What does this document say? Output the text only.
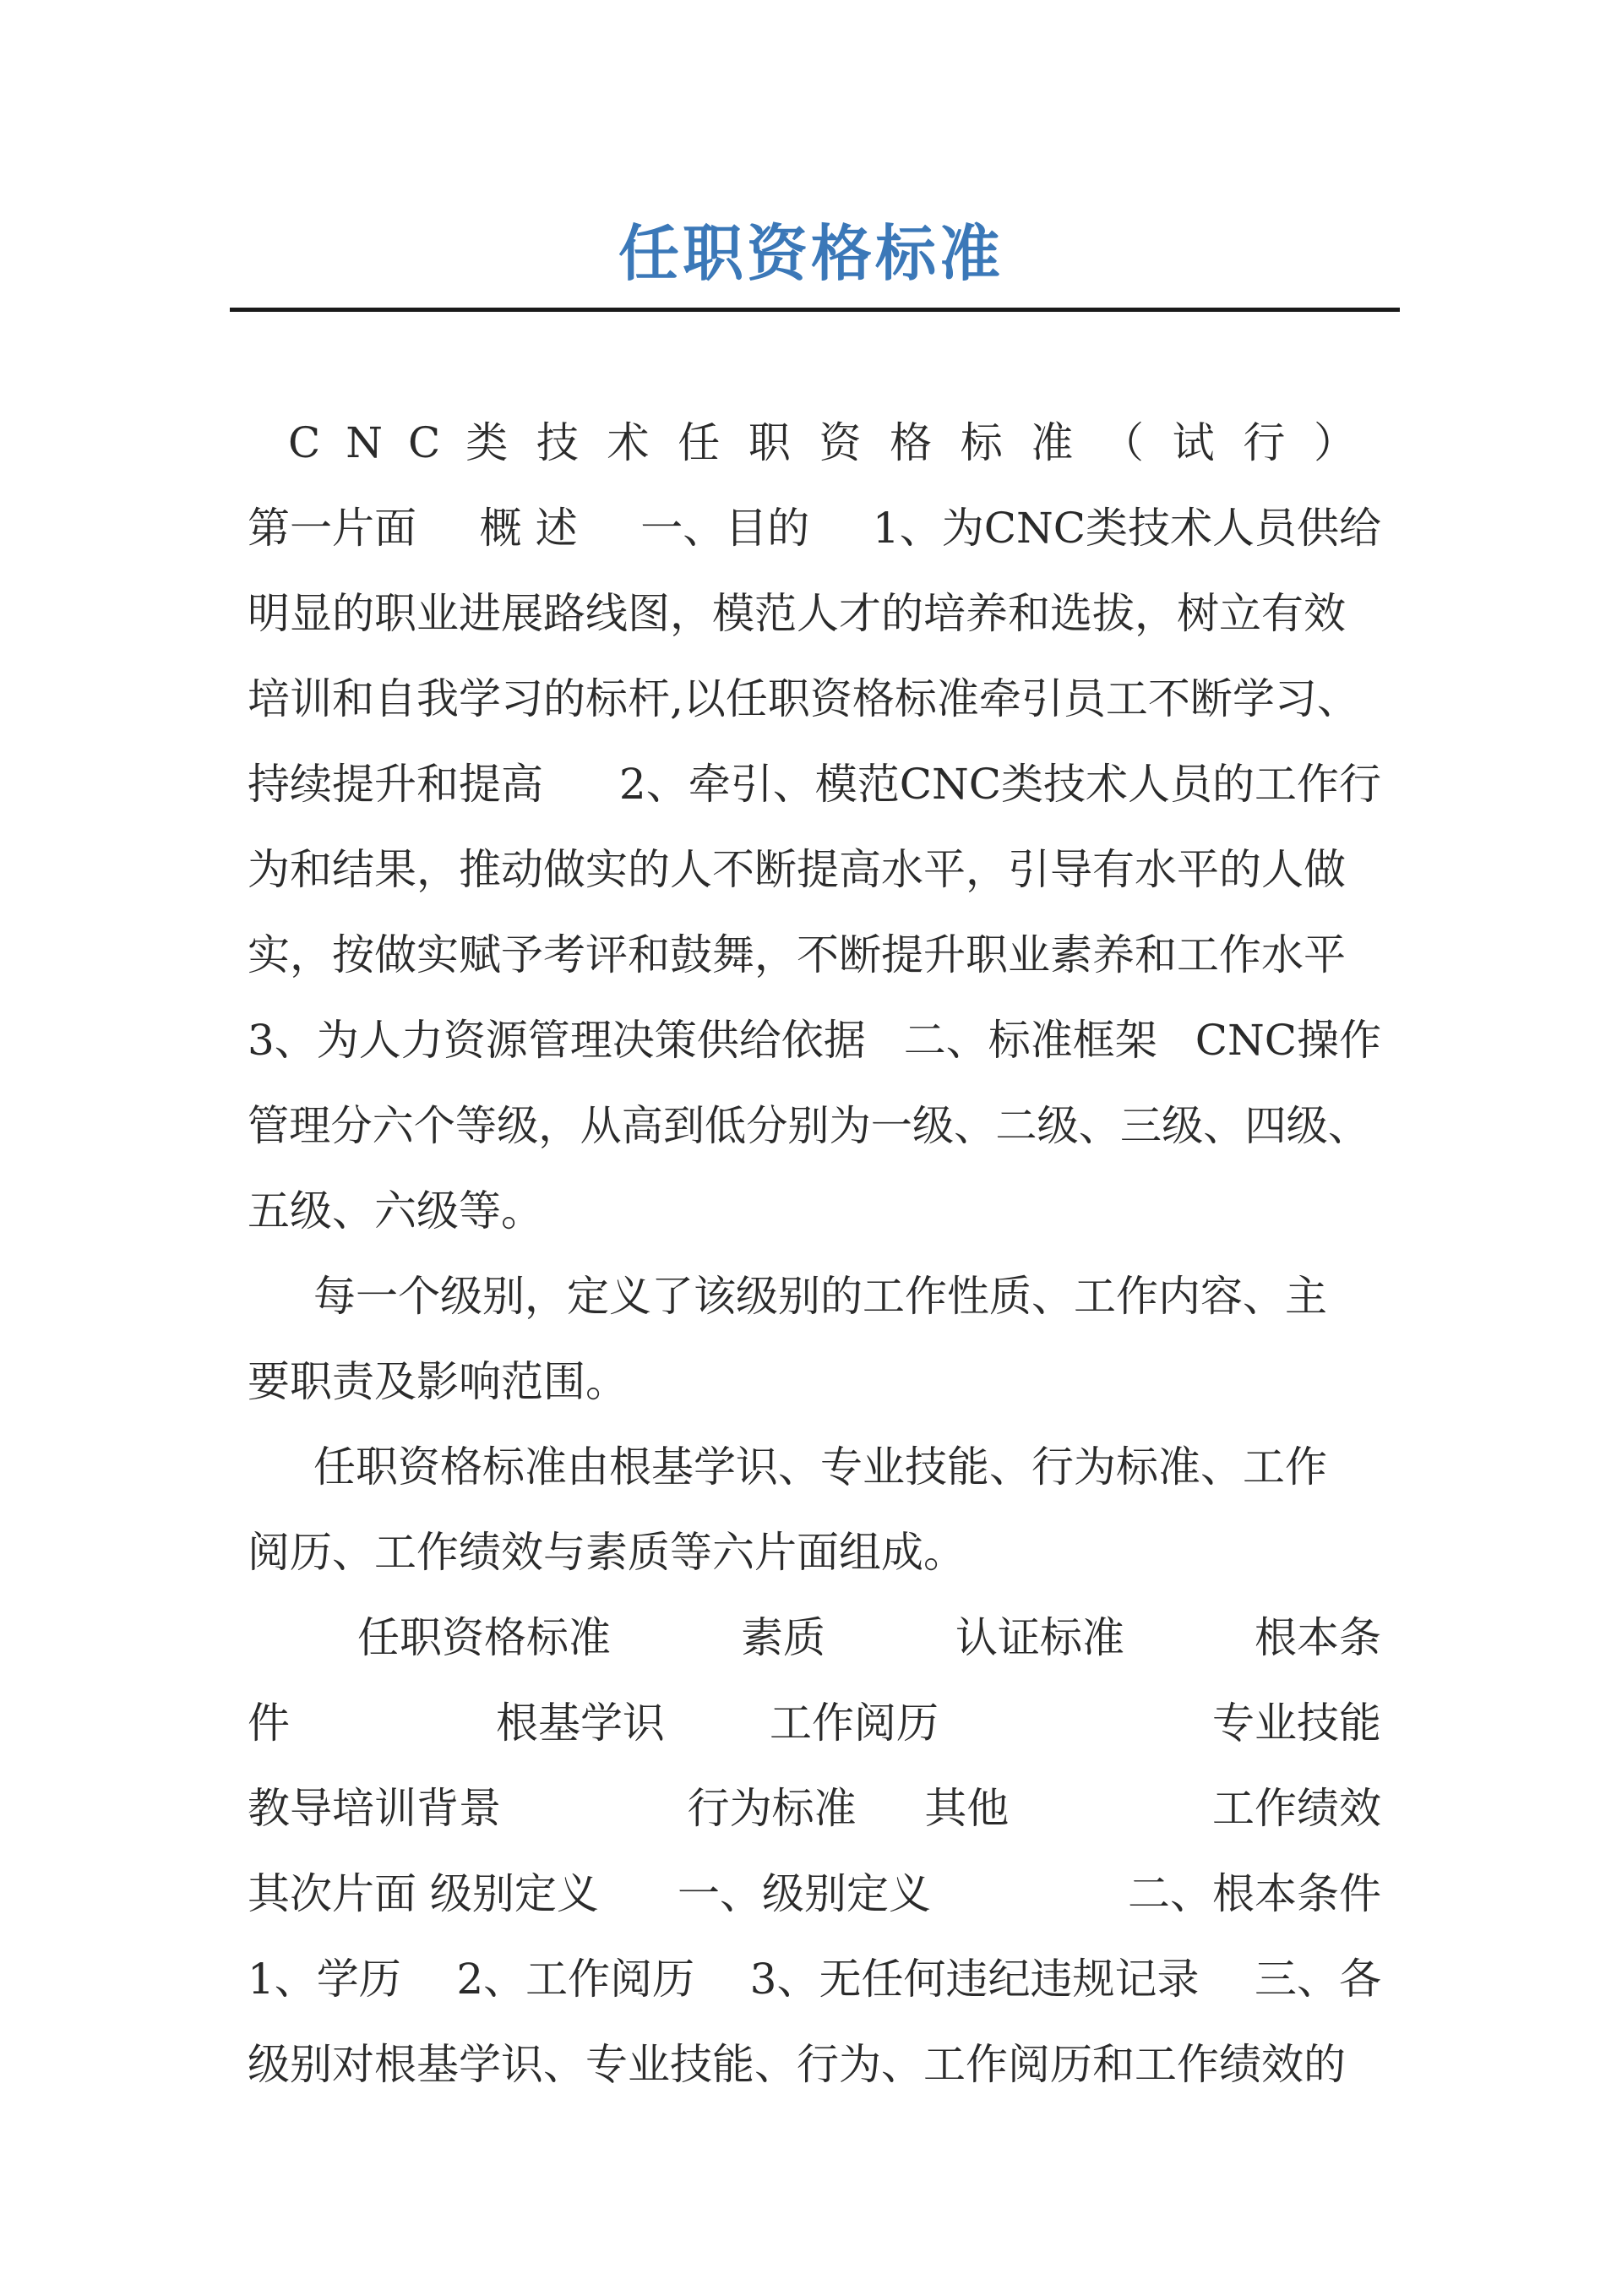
任职资格标准
CNC类 技 术 任 职 资 格 标 准 （ 试 行 ）
第一片面 概 述 一、目的 1、为CNC类技术人员供给
明显的职业进展路线图，模范人才的培养和选拔，树立有效
培训和自我学习的标杆,以任职资格标准牵引员工不断学习、
持续提升和提高 2、牵引、模范CNC类技术人员的工作行
为和结果，推动做实的人不断提高水平，引导有水平的人做
实，按做实赋予考评和鼓舞，不断提升职业素养和工作水平
3、为人力资源管理决策供给依据 二、标准框架 CNC操作
管理分六个等级，从高到低分别为一级、二级、三级、四级、
五级、六级等。
每一个级别，定义了该级别的工作性质、工作内容、主
要职责及影响范围。
任职资格标准由根基学识、专业技能、行为标准、工作
阅历、工作绩效与素质等六片面组成。
任职资格标准	素质	认证标准	根本条
件	根基学识 工作阅历	专业技能
教导培训背景	行为标准 其他	工作绩效
其次片面 级别定义 一、级别定义	二、根本条件
1、学历 2、工作阅历 3、无任何违纪违规记录 三、各
级别对根基学识、专业技能、行为、工作阅历和工作绩效的
